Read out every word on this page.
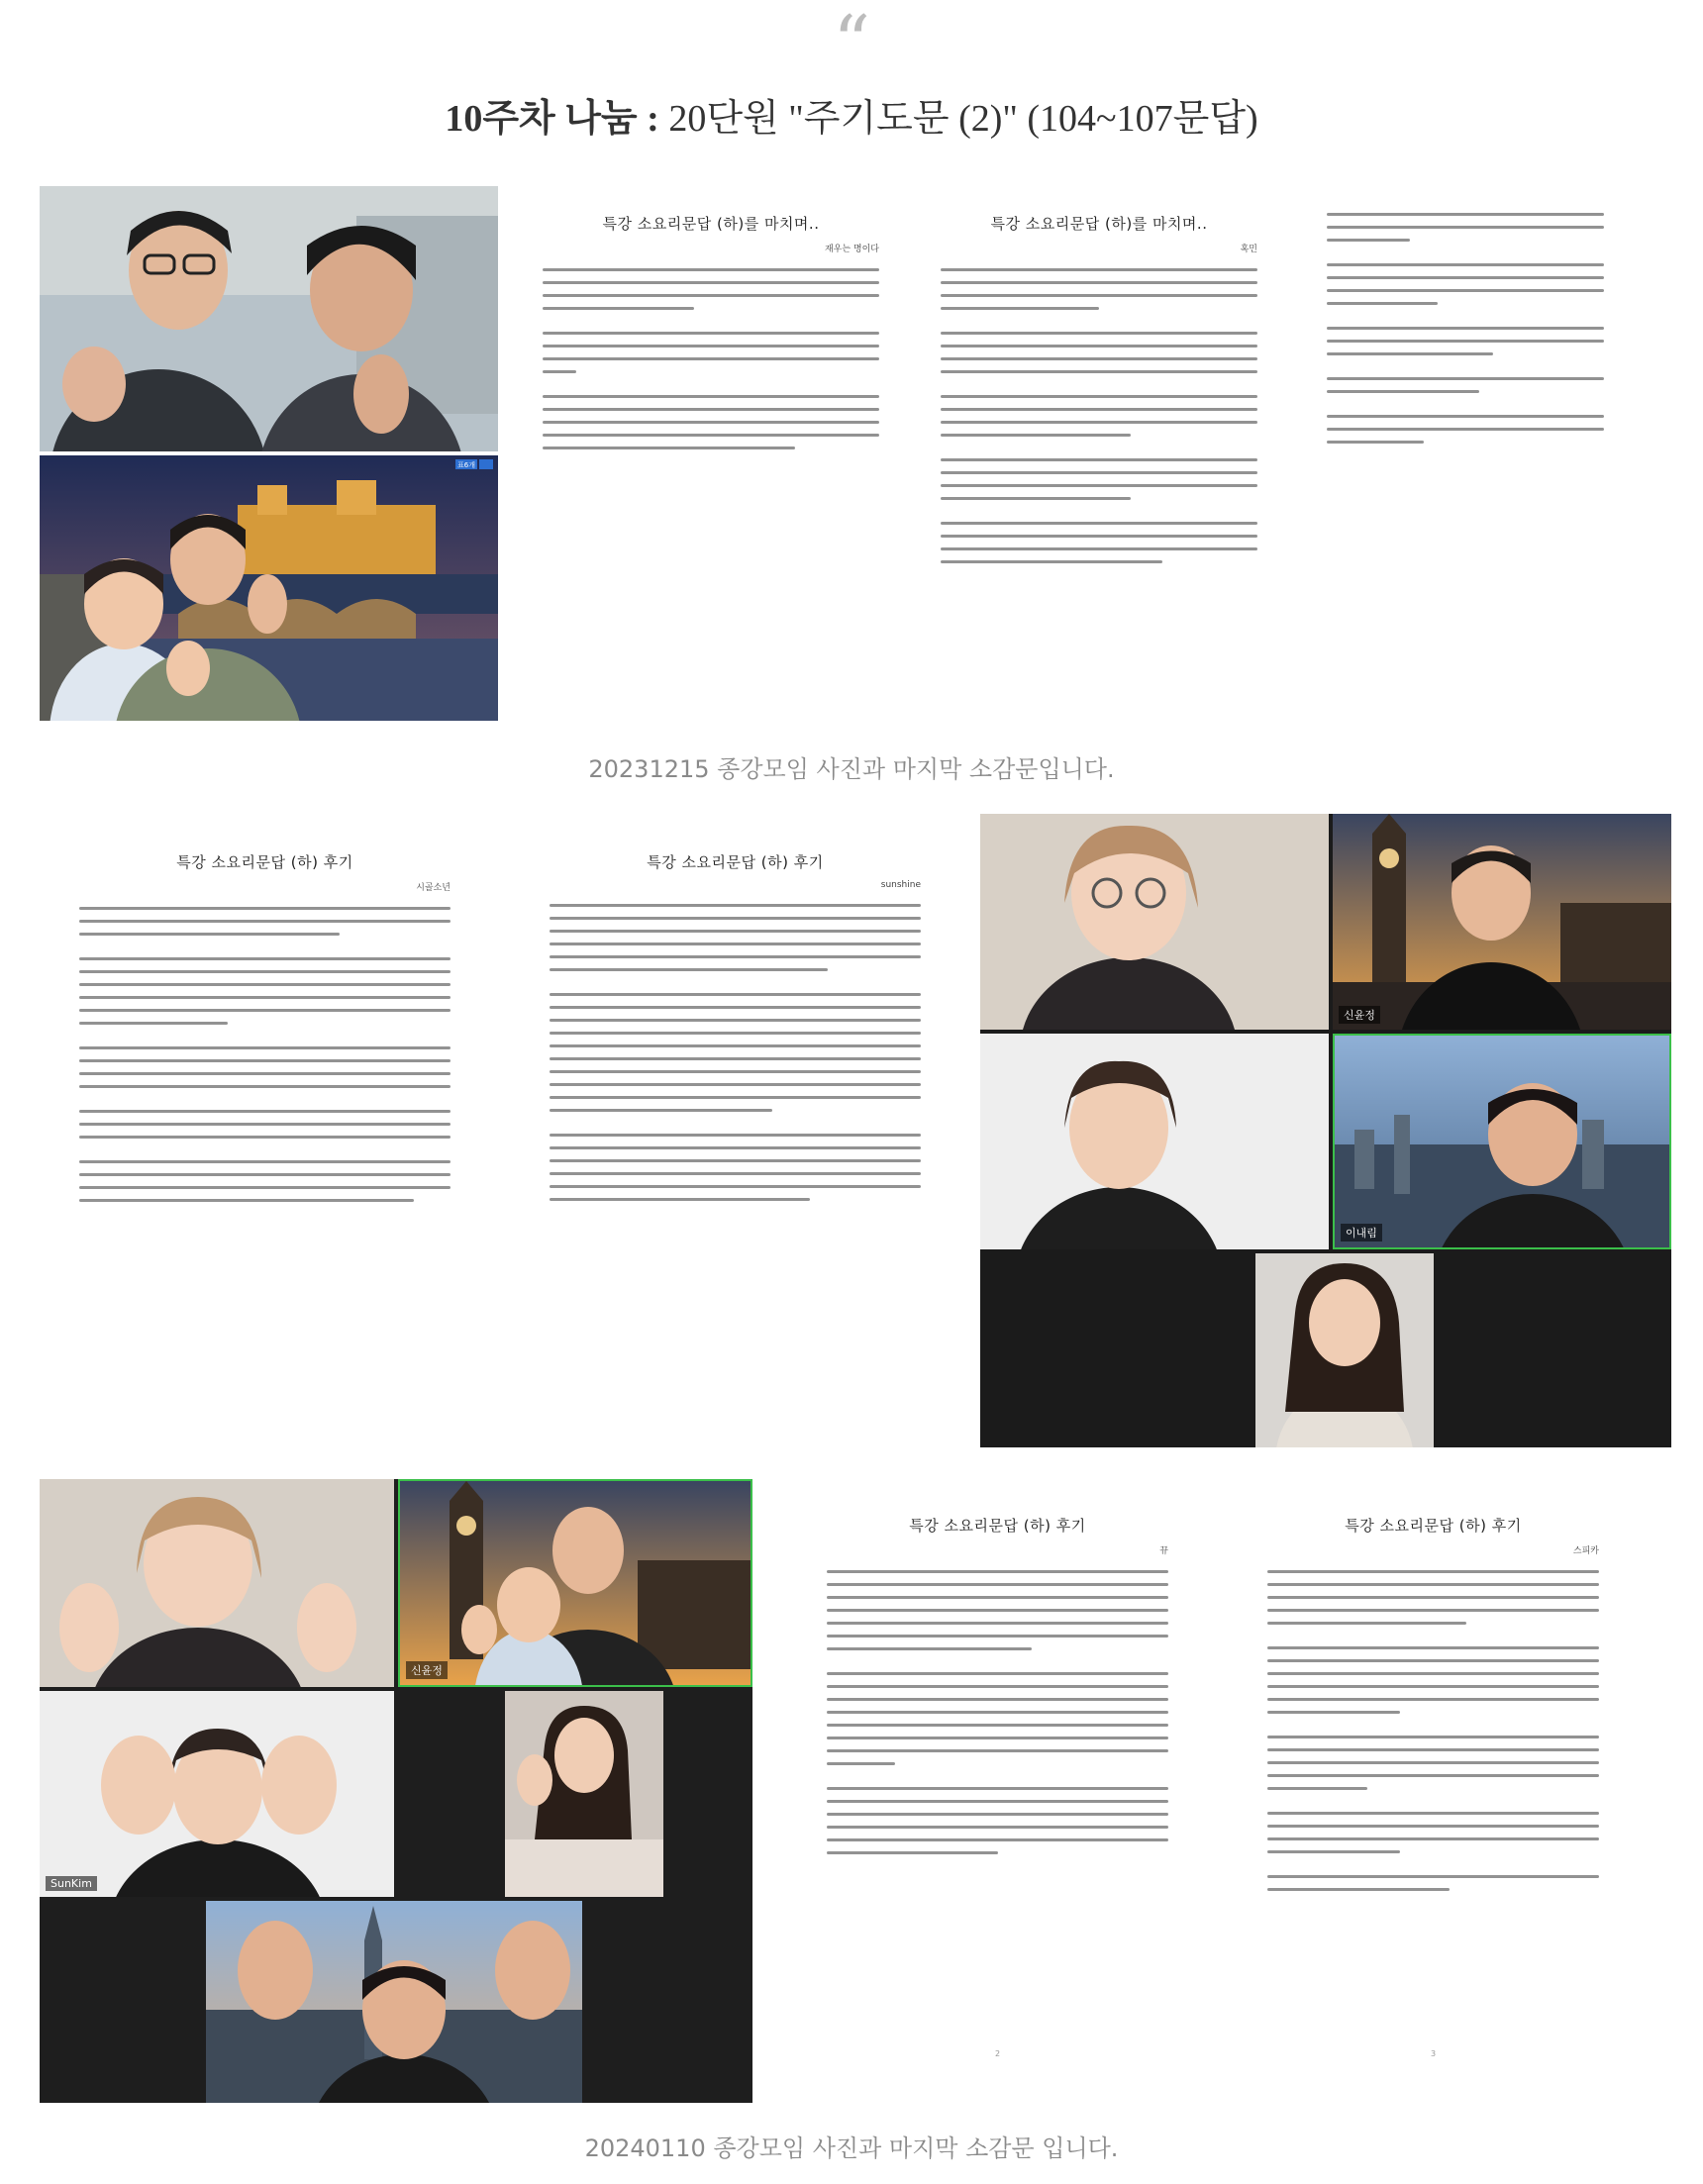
“
10주차 나눔 : 20단원 "주기도문 (2)" (104~107문답)
표6개
특강 소요리문답 (하)를 마치며..
재우는 명이다
특강 소요리문답 (하)를 마치며..
혹민
20231215 종강모임 사진과 마지막 소감문입니다.
특강 소요리문답 (하) 후기
시골소년
특강 소요리문답 (하) 후기
sunshine
신윤정
이내림
신윤정
SunKim
특강 소요리문답 (하) 후기
뀨
2
특강 소요리문답 (하) 후기
스피카
3
20240110 종강모임 사진과 마지막 소감문 입니다.
